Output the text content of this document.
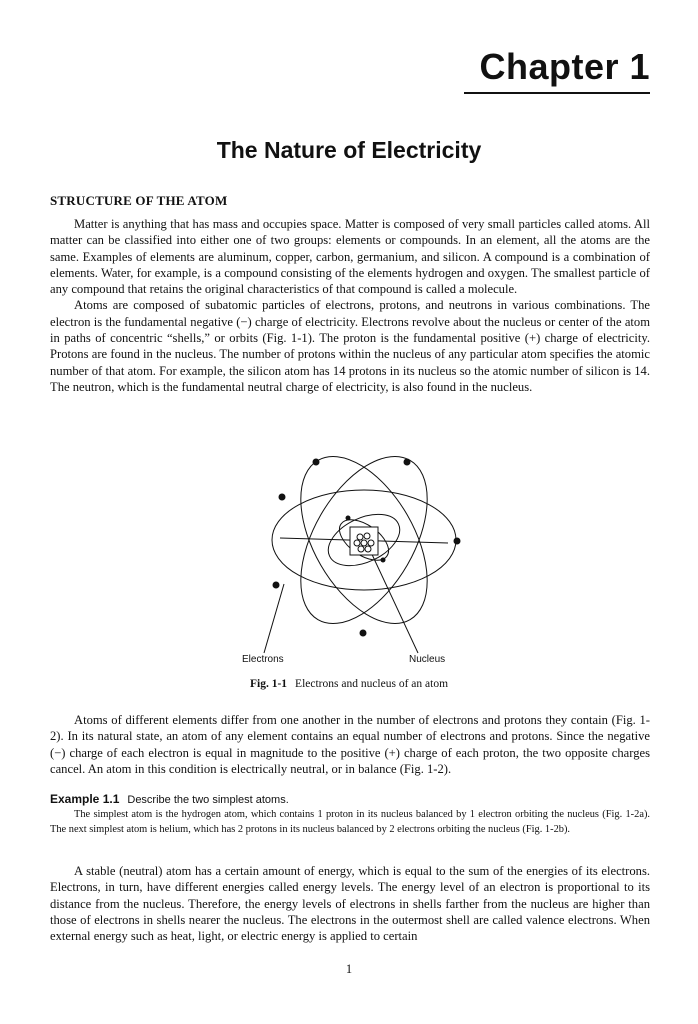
Chapter 1
The Nature of Electricity
STRUCTURE OF THE ATOM

Matter is anything that has mass and occupies space. Matter is composed of very small particles called atoms. All matter can be classified into either one of two groups: elements or compounds. In an element, all the atoms are the same. Examples of elements are aluminum, copper, carbon, germanium, and silicon. A compound is a combination of elements. Water, for example, is a compound consisting of the elements hydrogen and oxygen. The smallest particle of any compound that retains the original characteristics of that compound is called a molecule.

Atoms are composed of subatomic particles of electrons, protons, and neutrons in various combinations. The electron is the fundamental negative (−) charge of electricity. Electrons revolve about the nucleus or center of the atom in paths of concentric “shells,” or orbits (Fig. 1-1). The proton is the fundamental positive (+) charge of electricity. Protons are found in the nucleus. The number of protons within the nucleus of any particular atom specifies the atomic number of that atom. For example, the silicon atom has 14 protons in its nucleus so the atomic number of silicon is 14. The neutron, which is the fundamental neutral charge of electricity, is also found in the nucleus.

Electrons	Nucleus
Fig. 1-1 Electrons and nucleus of an atom

Atoms of different elements differ from one another in the number of electrons and protons they contain (Fig. 1-2). In its natural state, an atom of any element contains an equal number of electrons and protons. Since the negative (−) charge of each electron is equal in magnitude to the positive (+) charge of each proton, the two opposite charges cancel. An atom in this condition is electrically neutral, or in balance (Fig. 1-2).

Example 1.1 Describe the two simplest atoms.

The simplest atom is the hydrogen atom, which contains 1 proton in its nucleus balanced by 1 electron orbiting the nucleus (Fig. 1-2a). The next simplest atom is helium, which has 2 protons in its nucleus balanced by 2 electrons orbiting the nucleus (Fig. 1-2b).

A stable (neutral) atom has a certain amount of energy, which is equal to the sum of the energies of its electrons. Electrons, in turn, have different energies called energy levels. The energy level of an electron is proportional to its distance from the nucleus. Therefore, the energy levels of electrons in shells farther from the nucleus are higher than those of electrons in shells nearer the nucleus. The electrons in the outermost shell are called valence electrons. When external energy such as heat, light, or electric energy is applied to certain

1
